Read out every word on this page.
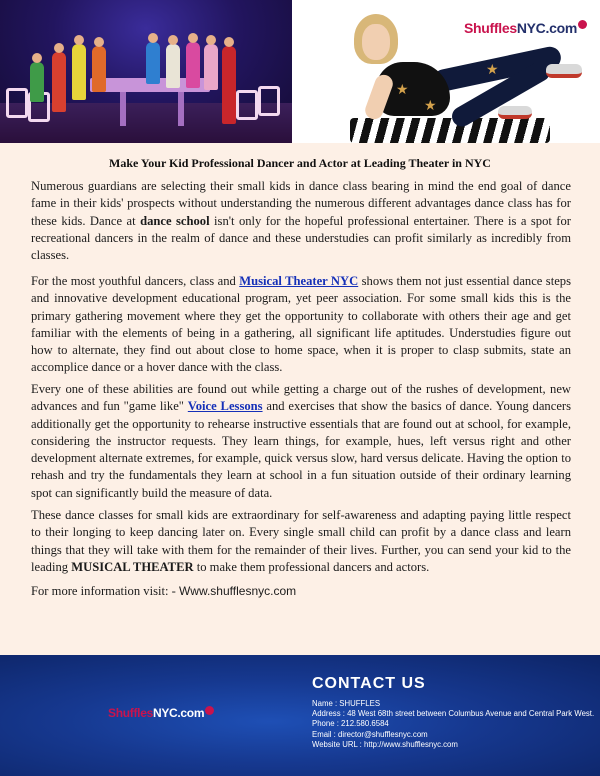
★
★
★
ShufflesNYC.com
Make Your Kid Professional Dancer and Actor at Leading Theater in NYC

Numerous guardians are selecting their small kids in dance class bearing in mind the end goal of dance fame in their kids' prospects without understanding the numerous different advantages dance class has for these kids. Dance at dance school isn't only for the hopeful professional entertainer. There is a spot for recreational dancers in the realm of dance and these understudies can profit similarly as incredibly from classes.

For the most youthful dancers, class and Musical Theater NYC shows them not just essential dance steps and innovative development educational program, yet peer association. For some small kids this is the primary gathering movement where they get the opportunity to collaborate with others their age and get familiar with the elements of being in a gathering, all significant life aptitudes. Understudies figure out how to alternate, they find out about close to home space, when it is proper to clasp submits, state an accomplice dance or a hover dance with the class.

Every one of these abilities are found out while getting a charge out of the rushes of development, new advances and fun "game like" Voice Lessons and exercises that show the basics of dance. Young dancers additionally get the opportunity to rehearse instructive essentials that are found out at school, for example, considering the instructor requests. They learn things, for example, hues, left versus right and other development alternate extremes, for example, quick versus slow, hard versus delicate. Having the option to rehash and try the fundamentals they learn at school in a fun situation outside of their ordinary learning spot can significantly build the measure of data.

These dance classes for small kids are extraordinary for self-awareness and adapting paying little respect to their longing to keep dancing later on. Every single small child can profit by a dance class and learn things that they will take with them for the remainder of their lives. Further, you can send your kid to the leading MUSICAL THEATER to make them professional dancers and actors.

For more information visit: - Www.shufflesnyc.com
ShufflesNYC.com
CONTACT US
Name : SHUFFLES
Address : 48 West 68th street between Columbus Avenue and Central Park West.
Phone : 212.580.6584
Email : director@shufflesnyc.com
Website URL : http://www.shufflesnyc.com
